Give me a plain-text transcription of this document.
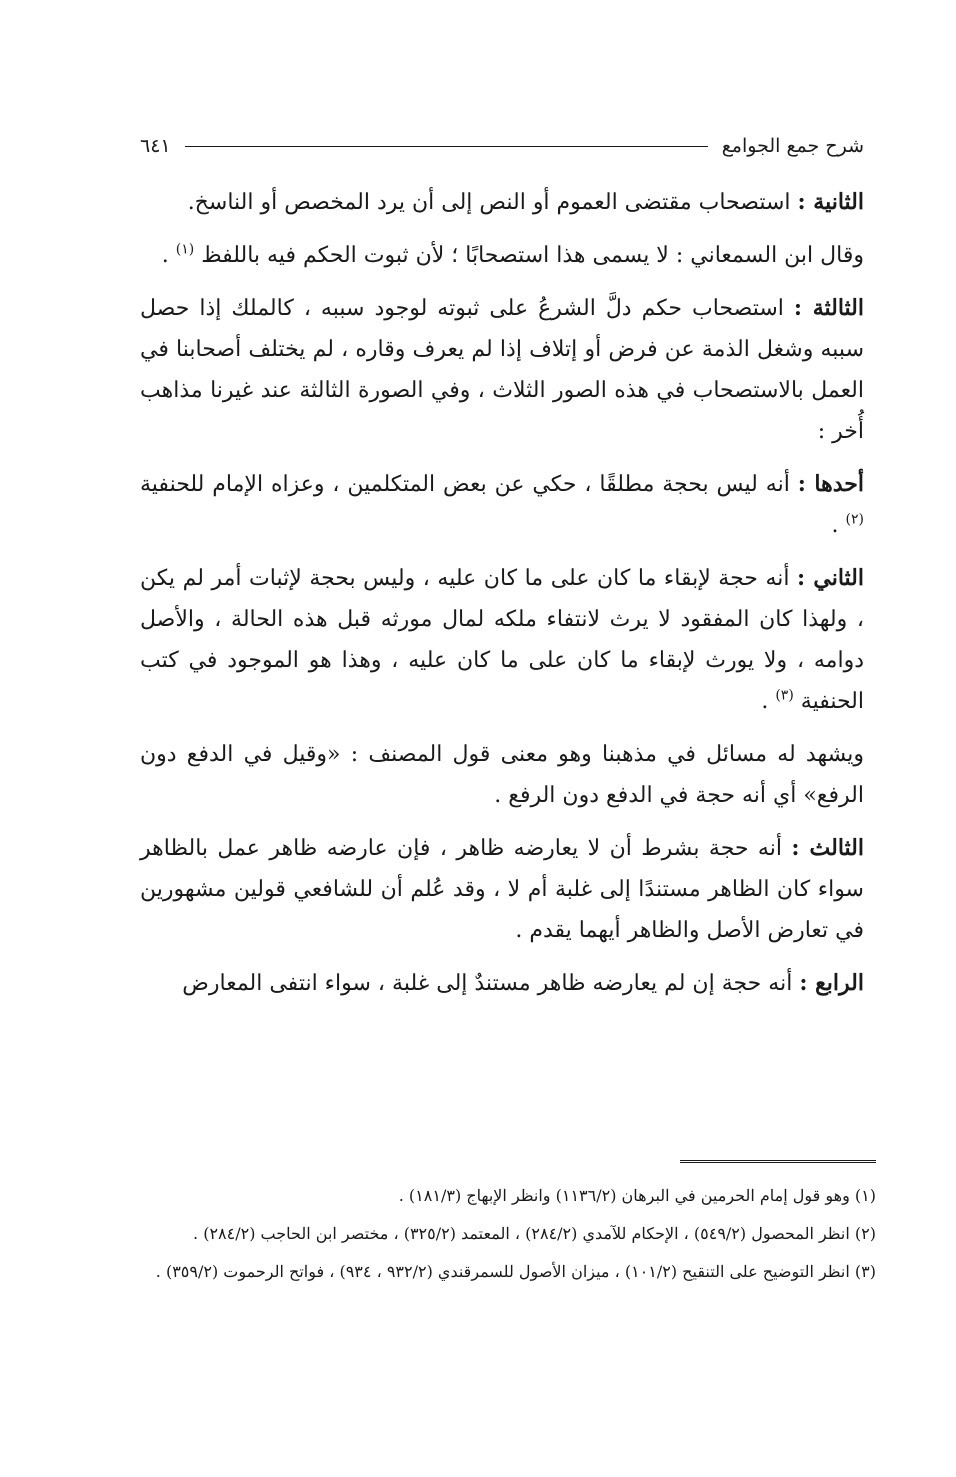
شرح جمع الجوامع
٦٤١

الثانية : استصحاب مقتضى العموم أو النص إلى أن يرد المخصص أو الناسخ.

وقال ابن السمعاني : لا يسمى هذا استصحابًا ؛ لأن ثبوت الحكم فيه باللفظ $^{(١)}$ .

الثالثة : استصحاب حكم دلَّ الشرعُ على ثبوته لوجود سببه ، كالملك إذا حصل سببه وشغل الذمة عن فرض أو إتلاف إذا لم يعرف وقاره ، لم يختلف أصحابنا في العمل بالاستصحاب في هذه الصور الثلاث ، وفي الصورة الثالثة عند غيرنا مذاهب أُخر :

أحدها : أنه ليس بحجة مطلقًا ، حكي عن بعض المتكلمين ، وعزاه الإمام للحنفية $^{(٢)}$ .

الثاني : أنه حجة لإبقاء ما كان على ما كان عليه ، وليس بحجة لإثبات أمر لم يكن ، ولهذا كان المفقود لا يرث لانتفاء ملكه لمال مورثه قبل هذه الحالة ، والأصل دوامه ، ولا يورث لإبقاء ما كان على ما كان عليه ، وهذا هو الموجود في كتب الحنفية $^{(٣)}$ .

ويشهد له مسائل في مذهبنا وهو معنى قول المصنف : «وقيل في الدفع دون الرفع» أي أنه حجة في الدفع دون الرفع .

الثالث : أنه حجة بشرط أن لا يعارضه ظاهر ، فإن عارضه ظاهر عمل بالظاهر سواء كان الظاهر مستندًا إلى غلبة أم لا ، وقد عُلم أن للشافعي قولين مشهورين في تعارض الأصل والظاهر أيهما يقدم .

الرابع : أنه حجة إن لم يعارضه ظاهر مستندٌ إلى غلبة ، سواء انتفى المعارض

(١) وهو قول إمام الحرمين في البرهان (١١٣٦/٢) وانظر الإبهاج (١٨١/٣) .

(٢) انظر المحصول (٥٤٩/٢) ، الإحكام للآمدي (٢٨٤/٢) ، المعتمد (٣٢٥/٢) ، مختصر ابن الحاجب (٢٨٤/٢) .

(٣) انظر التوضيح على التنقيح (١٠١/٢) ، ميزان الأصول للسمرقندي (٩٣٢/٢ ، ٩٣٤) ، فواتح الرحموت (٣٥٩/٢) .
